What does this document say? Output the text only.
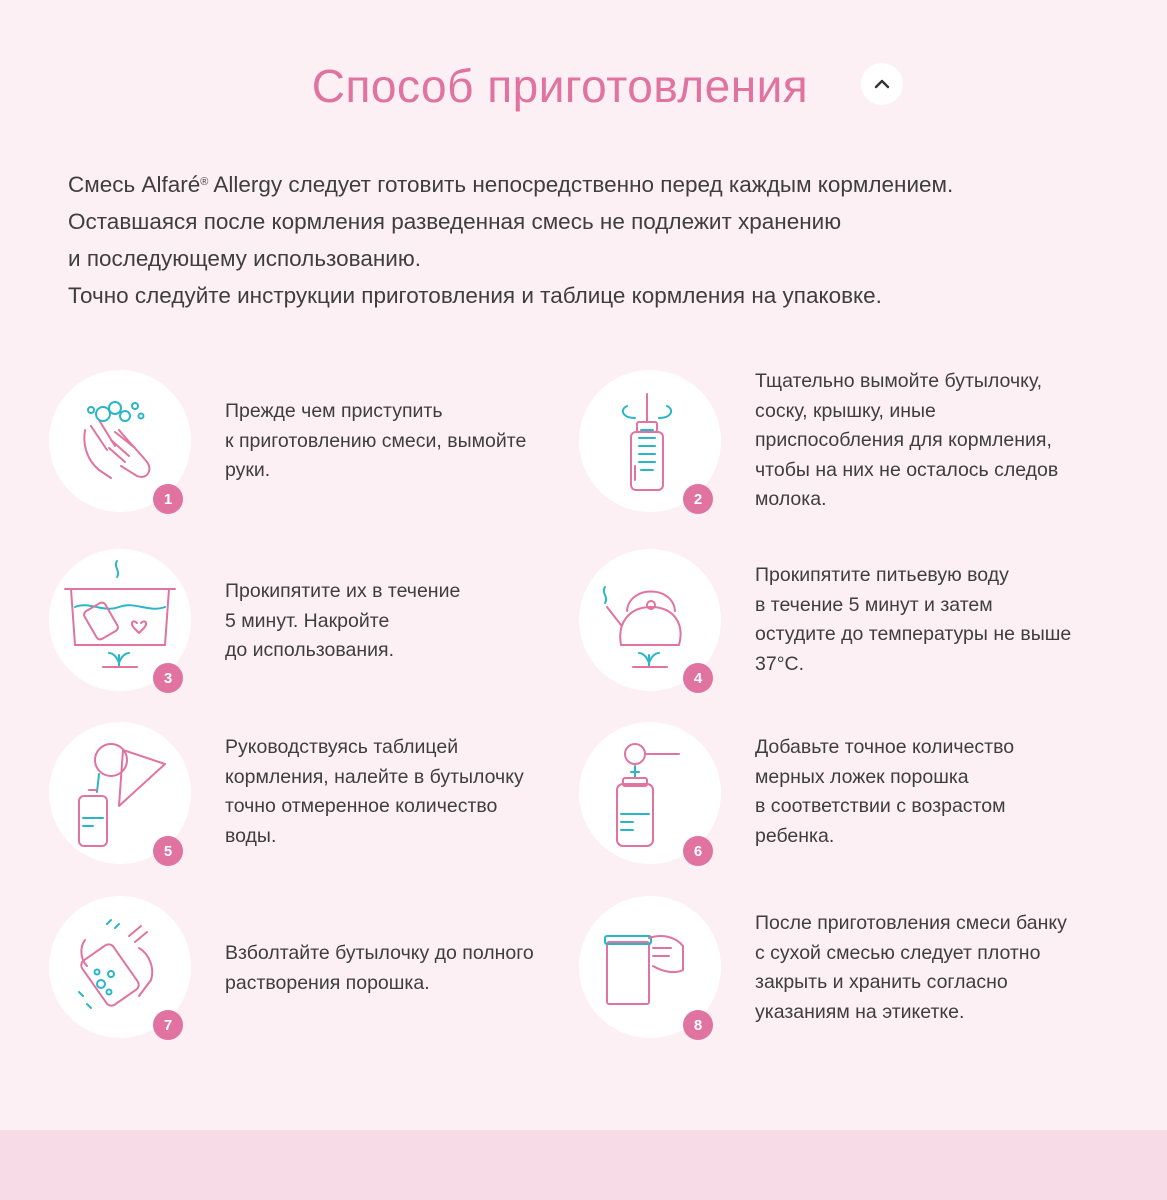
Способ приготовления

Смесь Alfaré® Allergy следует готовить непосредственно перед каждым кормлением.

Оставшаяся после кормления разведенная смесь не подлежит хранению

и последующему использованию.

Точно следуйте инструкции приготовления и таблице кормления на упаковке.

1
Прежде чем приступить
к приготовлению смеси, вымойте
руки.
2
Тщательно вымойте бутылочку,
соску, крышку, иные
приспособления для кормления,
чтобы на них не осталось следов
молока.
3
Прокипятите их в течение
5 минут. Накройте
до использования.
4
Прокипятите питьевую воду
в течение 5 минут и затем
остудите до температуры не выше
37°C.
5
Руководствуясь таблицей
кормления, налейте в бутылочку
точно отмеренное количество
воды.
6
Добавьте точное количество
мерных ложек порошка
в соответствии с возрастом
ребенка.
7
Взболтайте бутылочку до полного
растворения порошка.
8
После приготовления смеси банку
с сухой смесью следует плотно
закрыть и хранить согласно
указаниям на этикетке.
